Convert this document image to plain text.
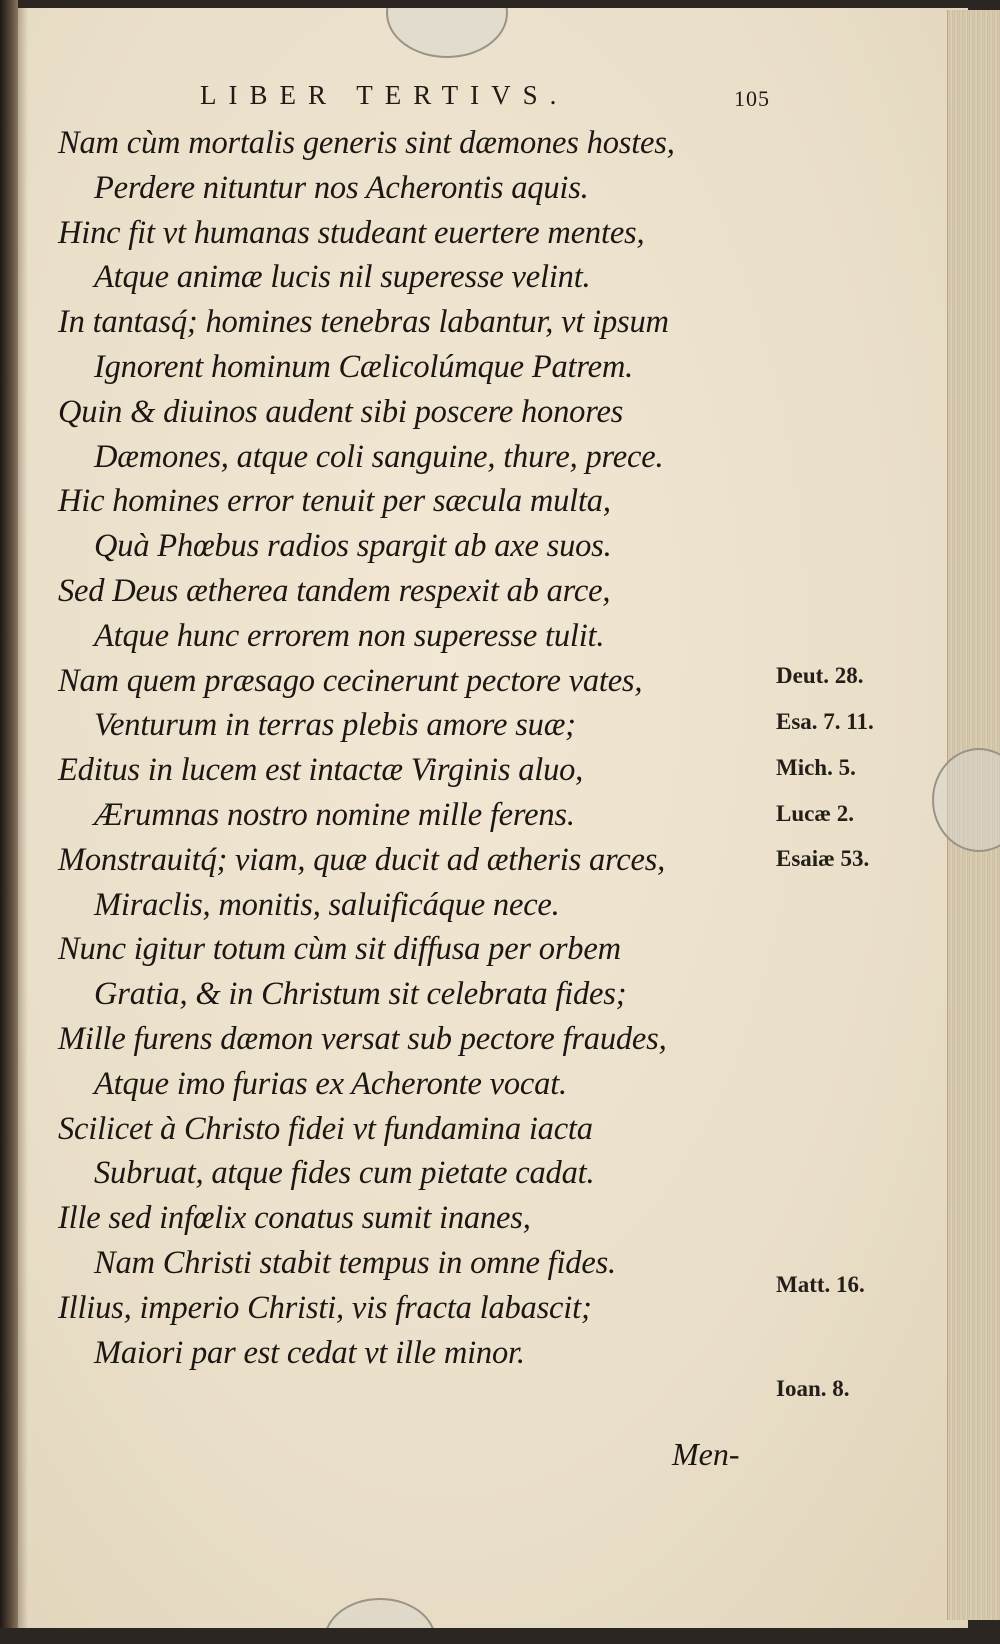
LIBER TERTIVS.	105
Nam cùm mortalis generis sint dæmones hostes,
Perdere nituntur nos Acherontis aquis.
Hinc fit vt humanas studeant euertere mentes,
Atque animæ lucis nil superesse velint.
In tantasq́; homines tenebras labantur, vt ipsum
Ignorent hominum Cælicolúmque Patrem.
Quin & diuinos audent sibi poscere honores
Dæmones, atque coli sanguine, thure, prece.
Hic homines error tenuit per sæcula multa,
Quà Phœbus radios spargit ab axe suos.
Sed Deus ætherea tandem respexit ab arce,
Atque hunc errorem non superesse tulit.
Nam quem præsago cecinerunt pectore vates,
Venturum in terras plebis amore suæ;
Editus in lucem est intactæ Virginis aluo,
Ærumnas nostro nomine mille ferens.
Monstrauitq́; viam, quæ ducit ad ætheris arces,
Miraclis, monitis, saluificáque nece.
Nunc igitur totum cùm sit diffusa per orbem
Gratia, & in Christum sit celebrata fides;
Mille furens dæmon versat sub pectore fraudes,
Atque imo furias ex Acheronte vocat.
Scilicet à Christo fidei vt fundamina iacta
Subruat, atque fides cum pietate cadat.
Ille sed infœlix conatus sumit inanes,
Nam Christi stabit tempus in omne fides.
Illius, imperio Christi, vis fracta labascit;
Maiori par est cedat vt ille minor.
Men-
Deut. 28.
Esa. 7. 11.
Mich. 5.
Lucæ 2.
Esaiæ 53.
Matt. 16.
Ioan. 8.
